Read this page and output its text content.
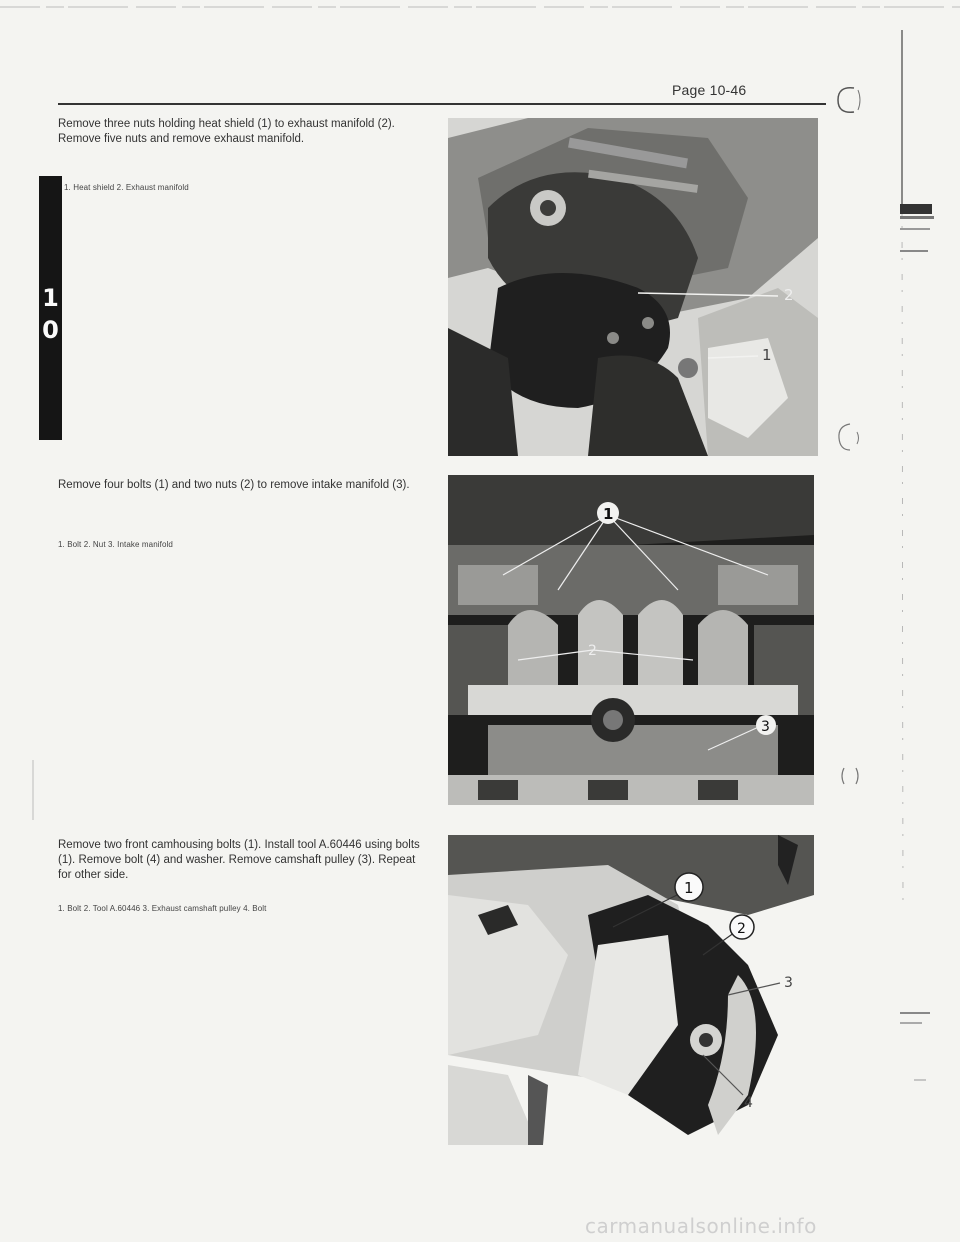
Page 10-46
1
0
Remove three nuts holding heat shield (1) to exhaust manifold (2). Remove five nuts and remove exhaust manifold.
1. Heat shield 2. Exhaust manifold
2
1
Remove four bolts (1) and two nuts (2) to remove intake manifold (3).
1. Bolt 2. Nut 3. Intake manifold
1
2
3
Remove two front camhousing bolts (1). Install tool A.60446 using bolts (1). Remove bolt (4) and washer. Remove camshaft pulley (3). Repeat for other side.
1. Bolt 2. Tool A.60446 3. Exhaust camshaft pulley 4. Bolt
1
2
3
4
carmanualsonline.info
